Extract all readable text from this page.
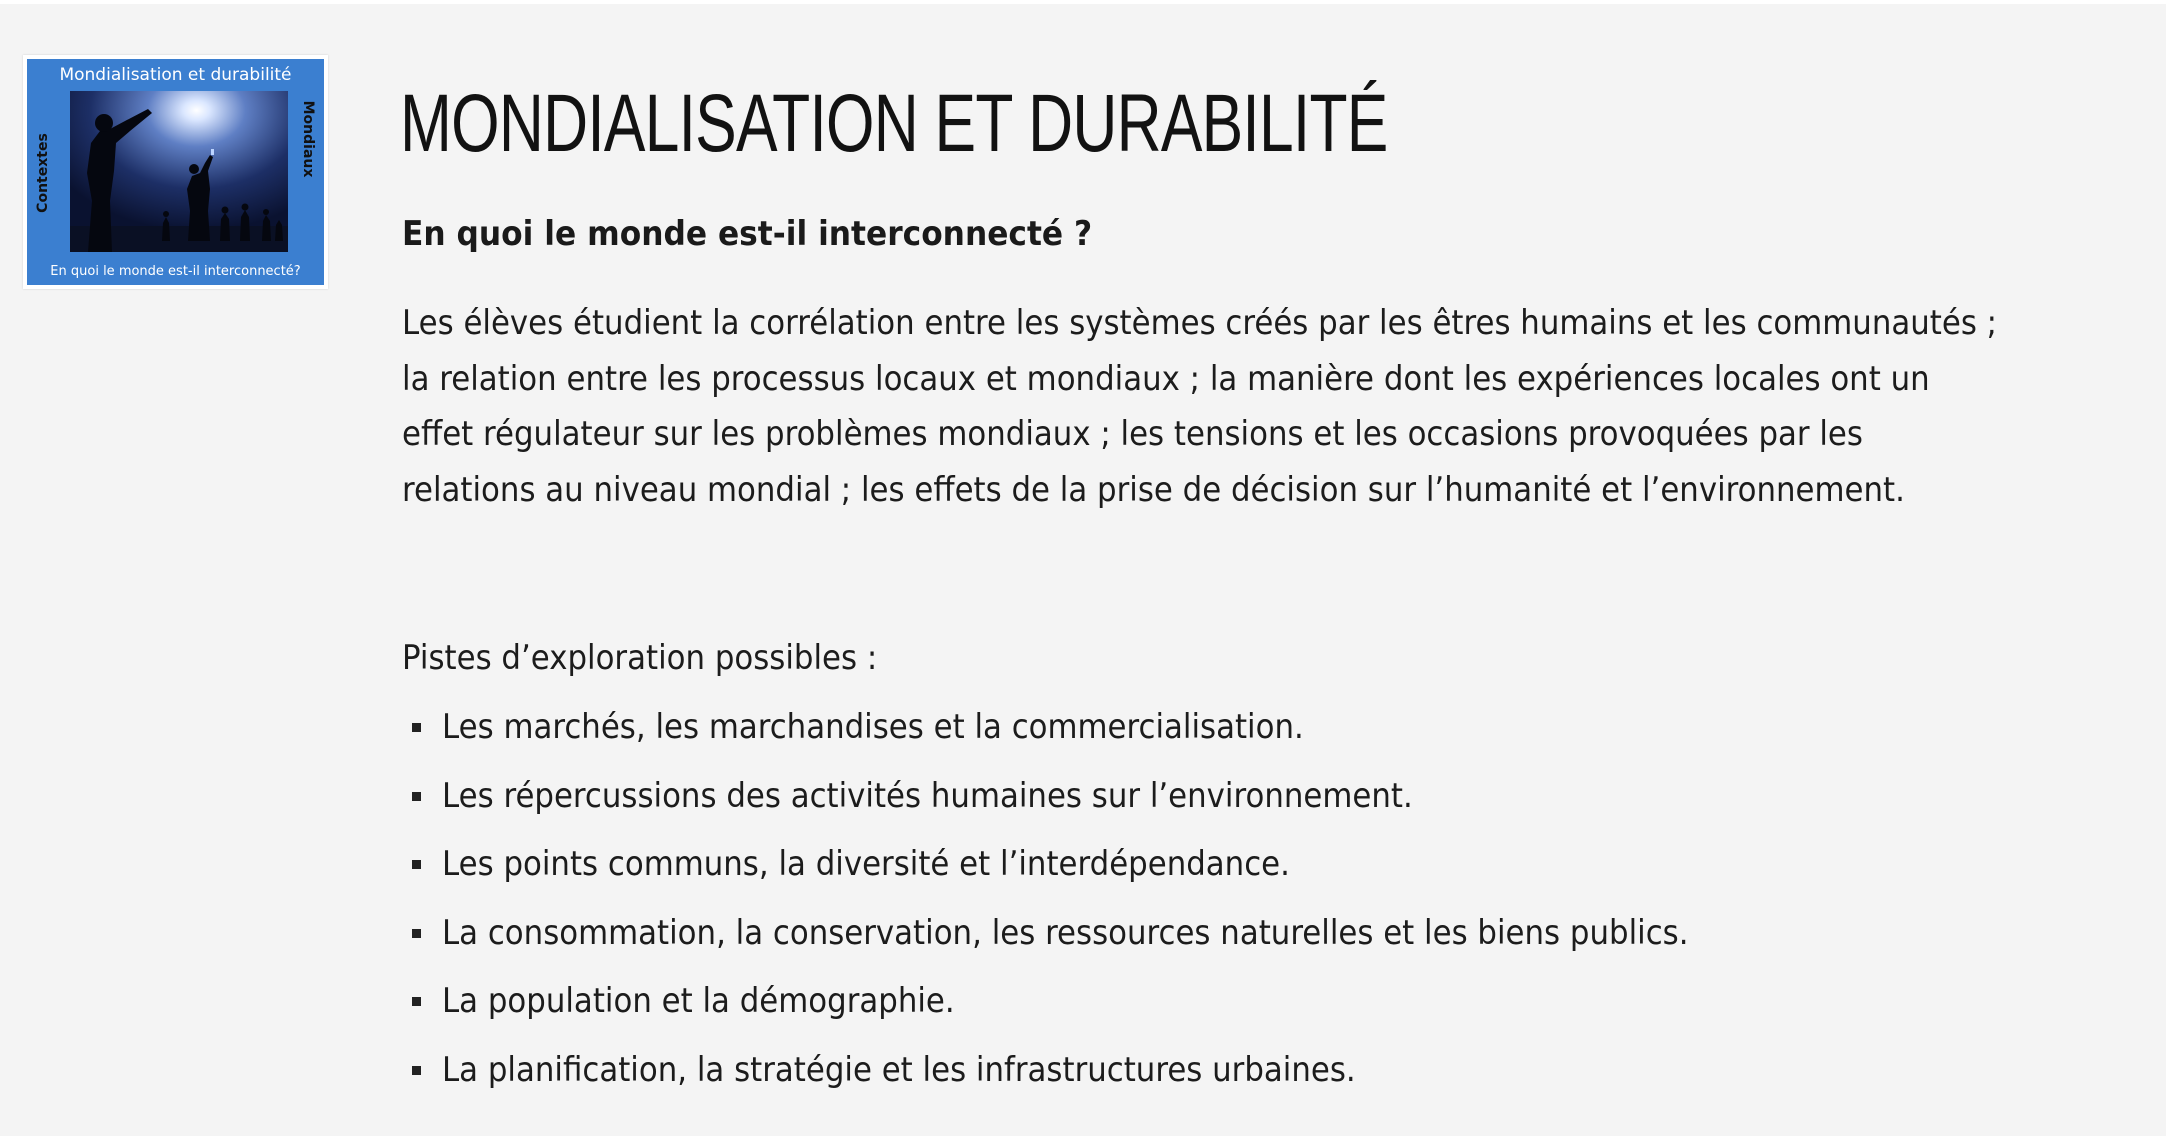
Mondialisation et durabilité
Contextes	Mondiaux
En quoi le monde est-il interconnecté?
MONDIALISATION ET DURABILITÉ
En quoi le monde est-il interconnecté ?

Les élèves étudient la corrélation entre les systèmes créés par les êtres humains et les communautés ; la relation entre les processus locaux et mondiaux ; la manière dont les expériences locales ont un effet régulateur sur les problèmes mondiaux ; les tensions et les occasions provoquées par les relations au niveau mondial ; les effets de la prise de décision sur l’humanité et l’environnement.

Pistes d’exploration possibles :

Les marchés, les marchandises et la commercialisation.
Les répercussions des activités humaines sur l’environnement.
Les points communs, la diversité et l’interdépendance.
La consommation, la conservation, les ressources naturelles et les biens publics.
La population et la démographie.
La planification, la stratégie et les infrastructures urbaines.
